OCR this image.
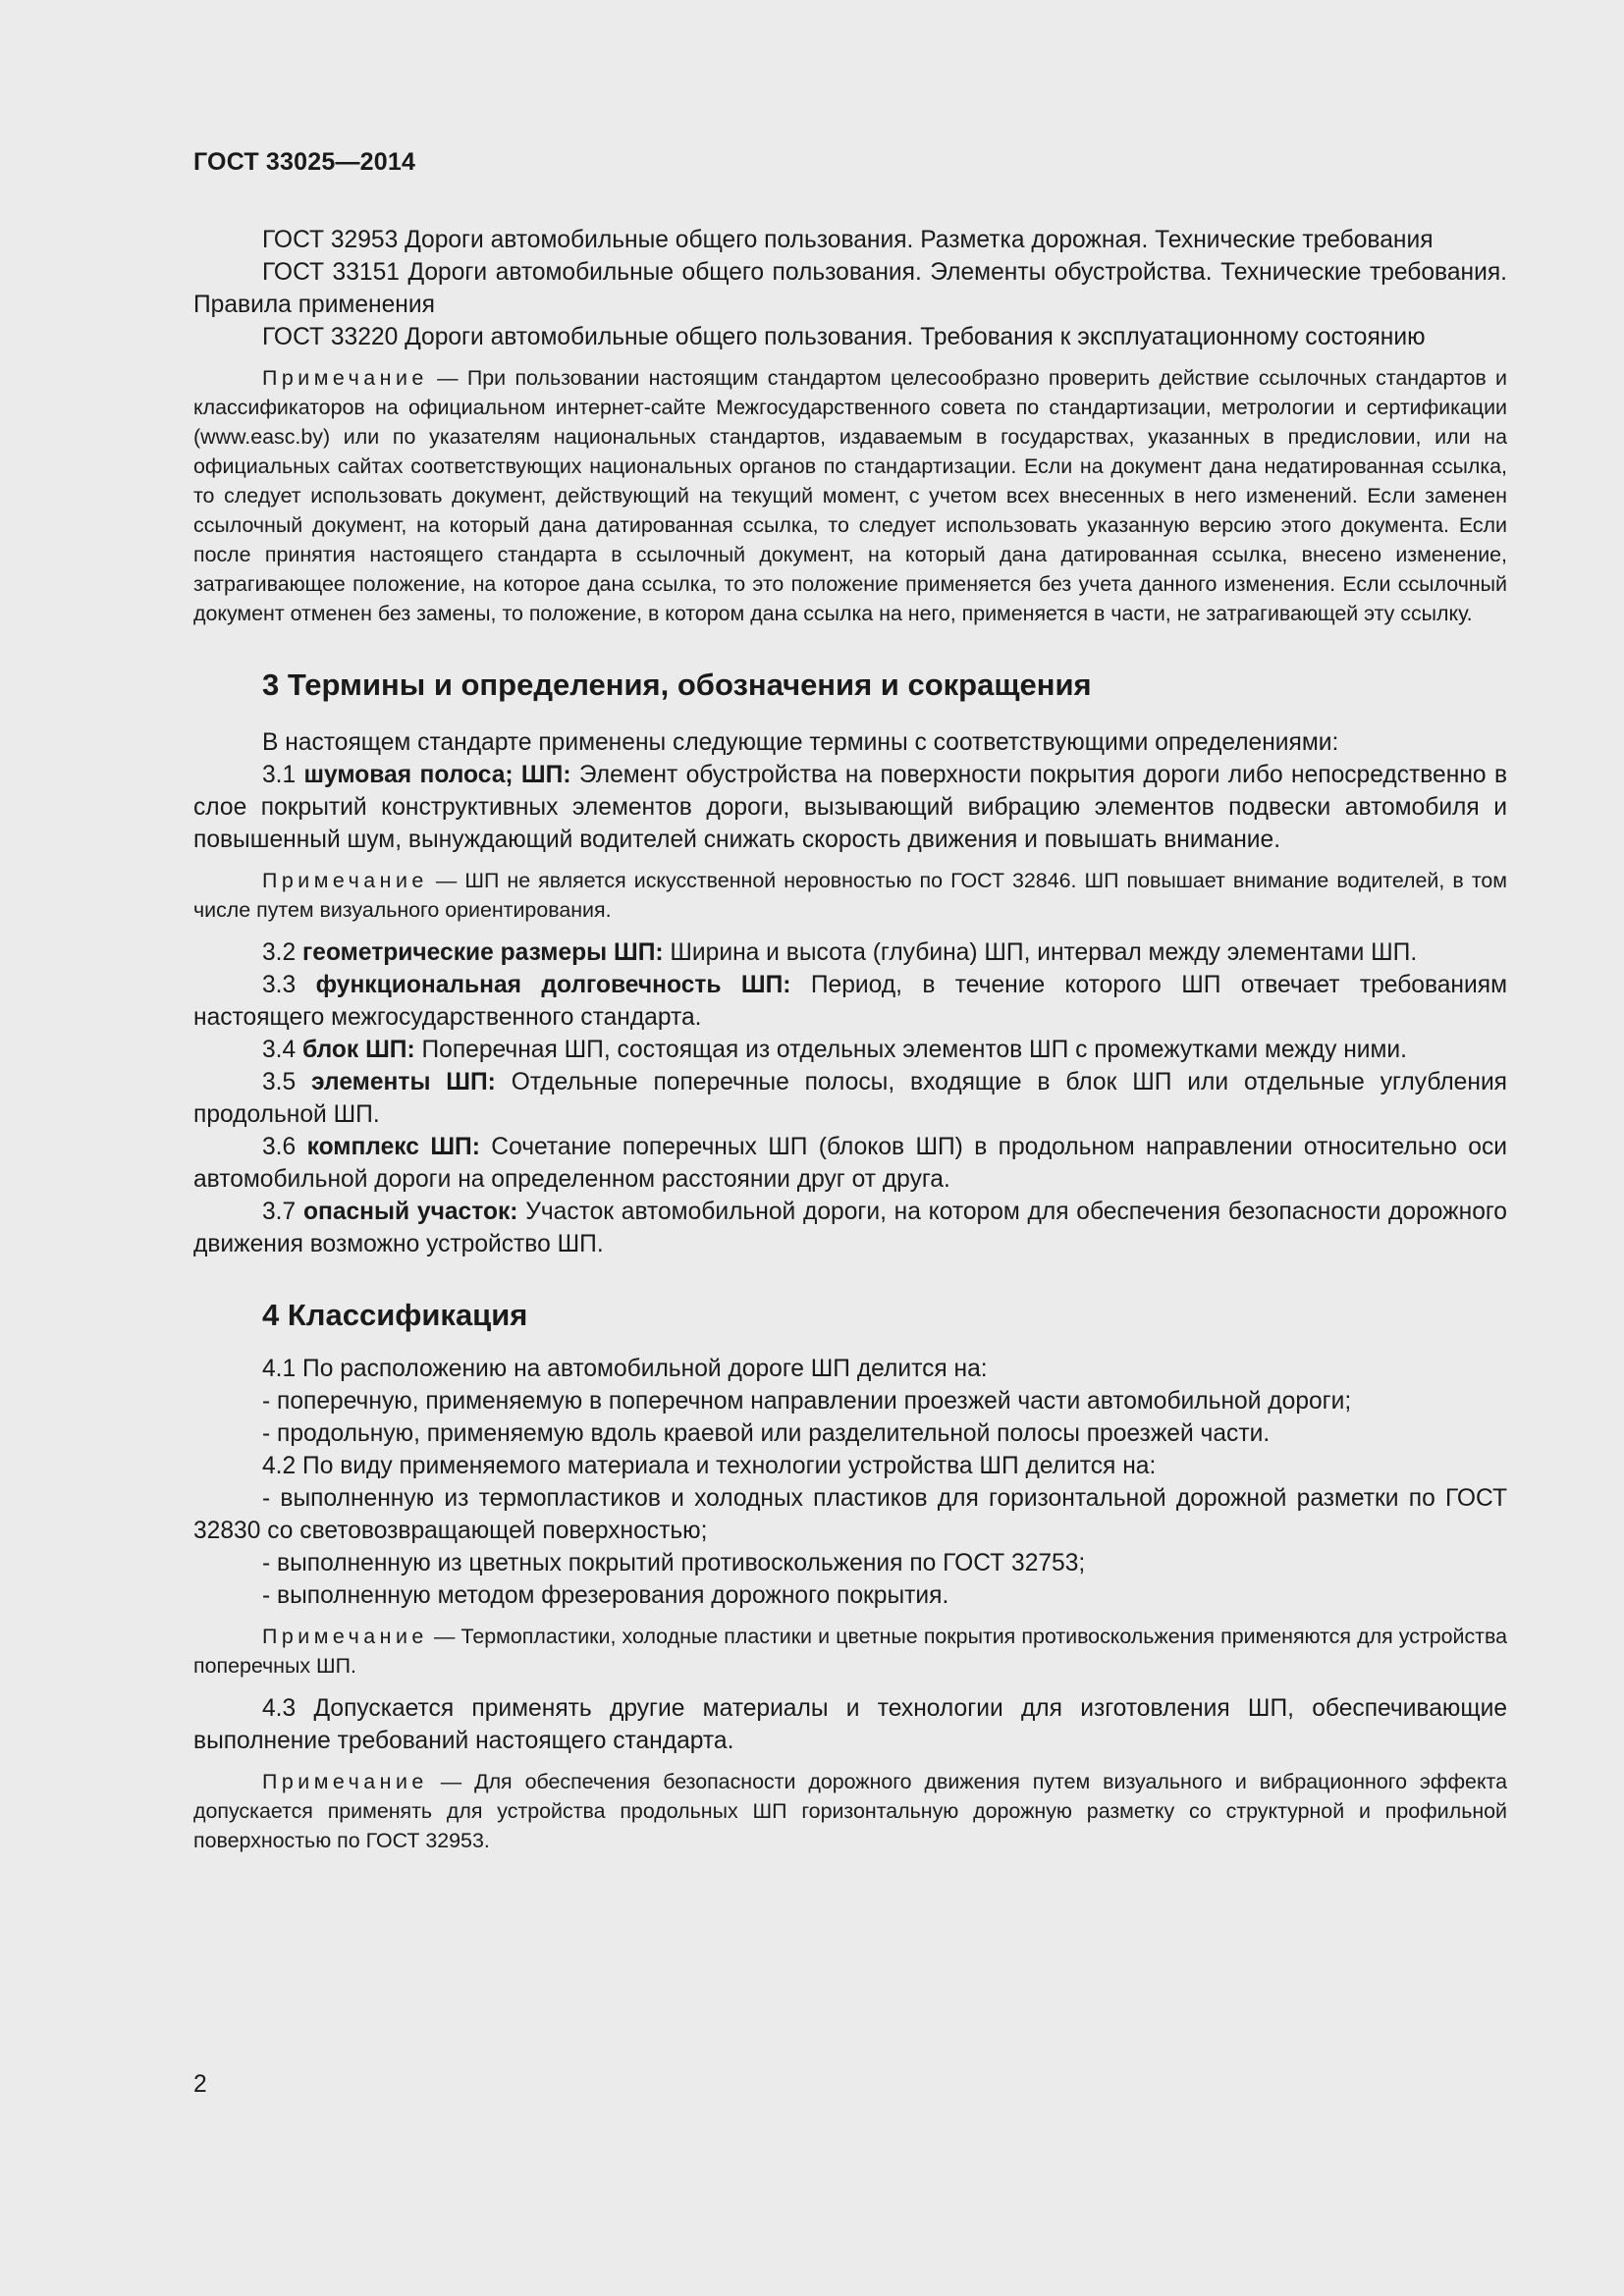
ГОСТ 33025—2014

ГОСТ 32953 Дороги автомобильные общего пользования. Разметка дорожная. Технические требования

ГОСТ 33151 Дороги автомобильные общего пользования. Элементы обустройства. Технические требования. Правила применения

ГОСТ 33220 Дороги автомобильные общего пользования. Требования к эксплуатационному состоянию

Примечание — При пользовании настоящим стандартом целесообразно проверить действие ссылочных стандартов и классификаторов на официальном интернет-сайте Межгосударственного совета по стандартизации, метрологии и сертификации (www.easc.by) или по указателям национальных стандартов, издаваемым в государствах, указанных в предисловии, или на официальных сайтах соответствующих национальных органов по стандартизации. Если на документ дана недатированная ссылка, то следует использовать документ, действующий на текущий момент, с учетом всех внесенных в него изменений. Если заменен ссылочный документ, на который дана датированная ссылка, то следует использовать указанную версию этого документа. Если после принятия настоящего стандарта в ссылочный документ, на который дана датированная ссылка, внесено изменение, затрагивающее положение, на которое дана ссылка, то это положение применяется без учета данного изменения. Если ссылочный документ отменен без замены, то положение, в котором дана ссылка на него, применяется в части, не затрагивающей эту ссылку.

3 Термины и определения, обозначения и сокращения

В настоящем стандарте применены следующие термины с соответствующими определениями:

3.1 шумовая полоса; ШП: Элемент обустройства на поверхности покрытия дороги либо непосредственно в слое покрытий конструктивных элементов дороги, вызывающий вибрацию элементов подвески автомобиля и повышенный шум, вынуждающий водителей снижать скорость движения и повышать внимание.

Примечание — ШП не является искусственной неровностью по ГОСТ 32846. ШП повышает внимание водителей, в том числе путем визуального ориентирования.

3.2 геометрические размеры ШП: Ширина и высота (глубина) ШП, интервал между элементами ШП.

3.3 функциональная долговечность ШП: Период, в течение которого ШП отвечает требованиям настоящего межгосударственного стандарта.

3.4 блок ШП: Поперечная ШП, состоящая из отдельных элементов ШП с промежутками между ними.

3.5 элементы ШП: Отдельные поперечные полосы, входящие в блок ШП или отдельные углубления продольной ШП.

3.6 комплекс ШП: Сочетание поперечных ШП (блоков ШП) в продольном направлении относительно оси автомобильной дороги на определенном расстоянии друг от друга.

3.7 опасный участок: Участок автомобильной дороги, на котором для обеспечения безопасности дорожного движения возможно устройство ШП.

4 Классификация

4.1 По расположению на автомобильной дороге ШП делится на:

- поперечную, применяемую в поперечном направлении проезжей части автомобильной дороги;

- продольную, применяемую вдоль краевой или разделительной полосы проезжей части.

4.2 По виду применяемого материала и технологии устройства ШП делится на:

- выполненную из термопластиков и холодных пластиков для горизонтальной дорожной разметки по ГОСТ 32830 со световозвращающей поверхностью;

- выполненную из цветных покрытий противоскольжения по ГОСТ 32753;

- выполненную методом фрезерования дорожного покрытия.

Примечание — Термопластики, холодные пластики и цветные покрытия противоскольжения применяются для устройства поперечных ШП.

4.3 Допускается применять другие материалы и технологии для изготовления ШП, обеспечивающие выполнение требований настоящего стандарта.

Примечание — Для обеспечения безопасности дорожного движения путем визуального и вибрационного эффекта допускается применять для устройства продольных ШП горизонтальную дорожную разметку со структурной и профильной поверхностью по ГОСТ 32953.

2
